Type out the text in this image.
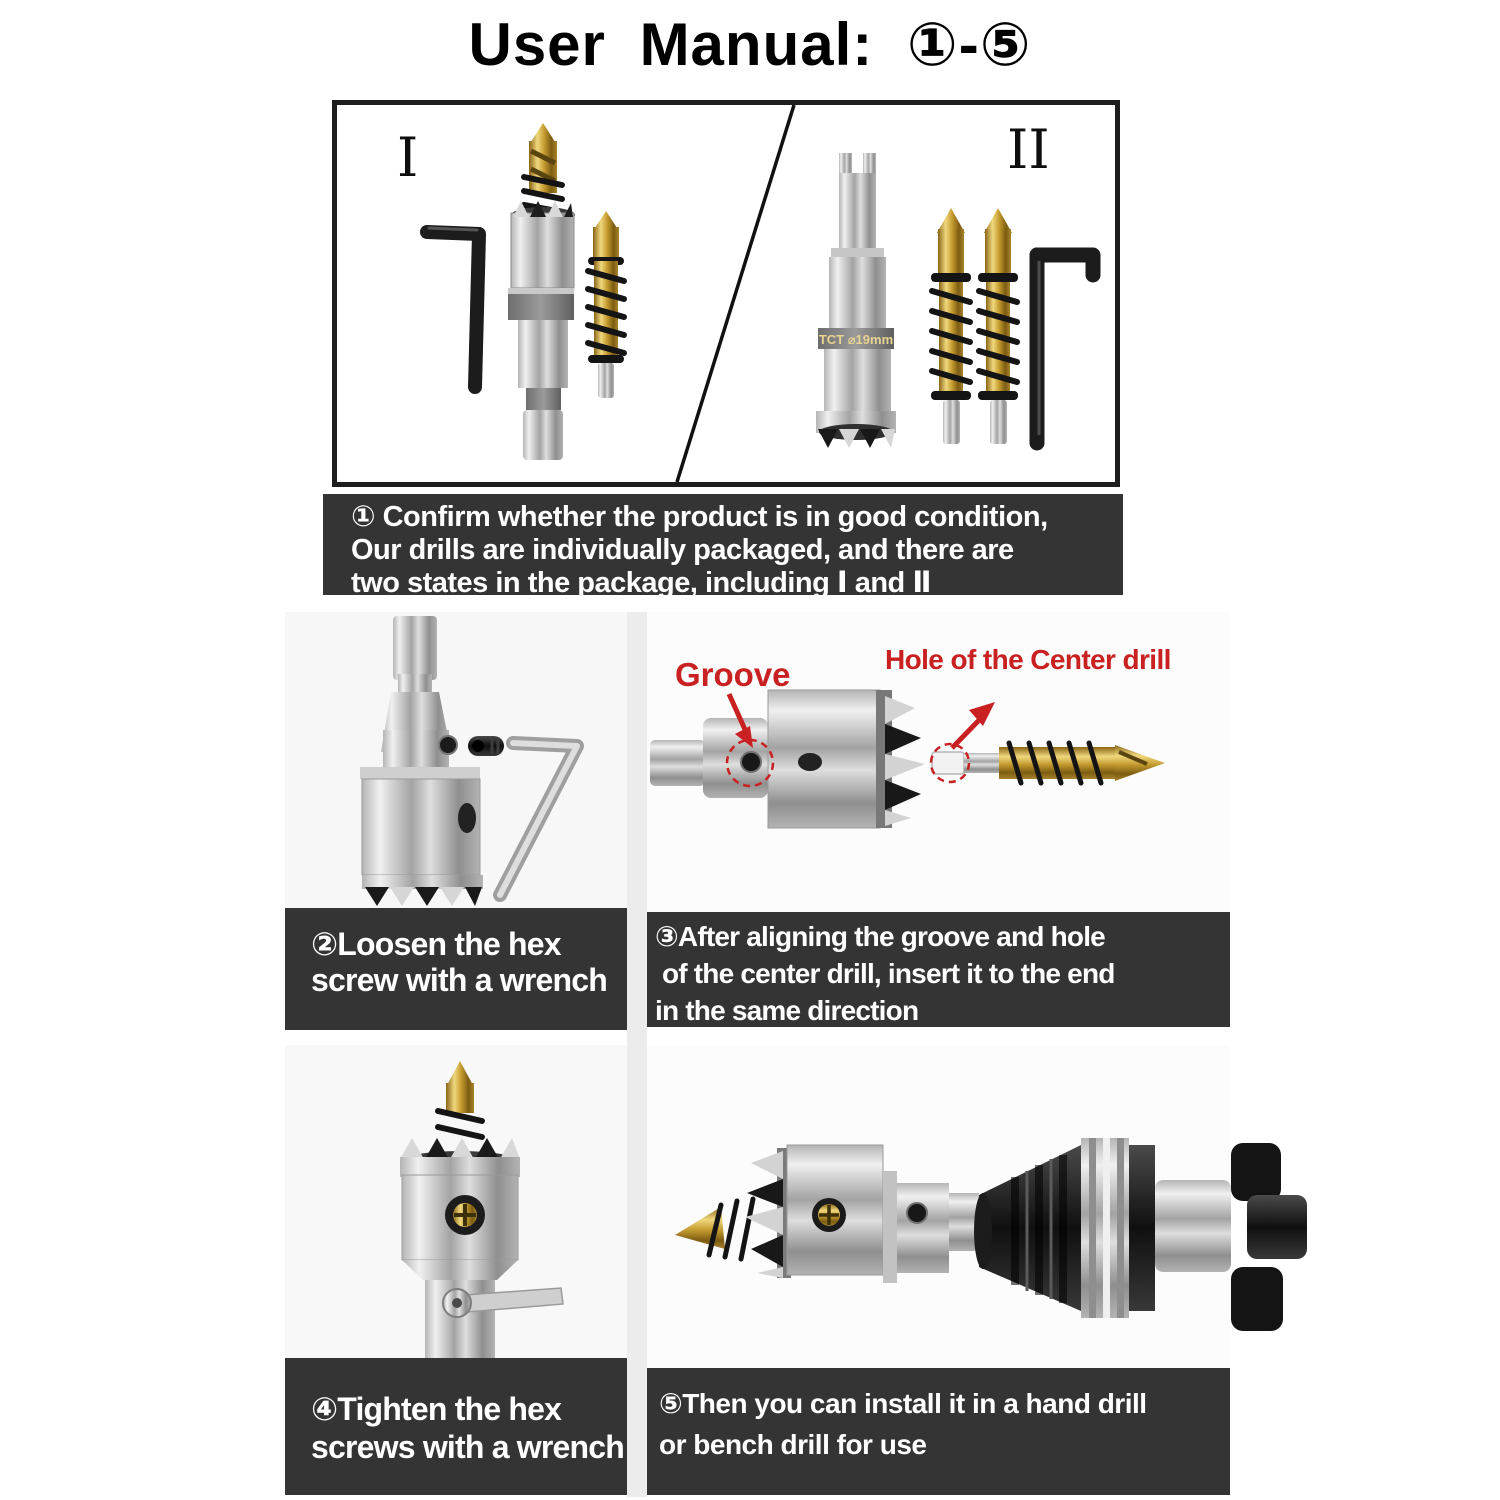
User Manual: ①-⑤
I	II
TCT ⌀19mm
① Confirm whether the product is in good condition,
Our drills are individually packaged, and there are
two states in the package, including Ⅰ and Ⅱ
②Loosen the hex
screw with a wrench
Groove	Hole of the Center drill
③After aligning the groove and hole
of the center drill, insert it to the end
in the same direction
④Tighten the hex
screws with a wrench
⑤Then you can install it in a hand drill
or bench drill for use
